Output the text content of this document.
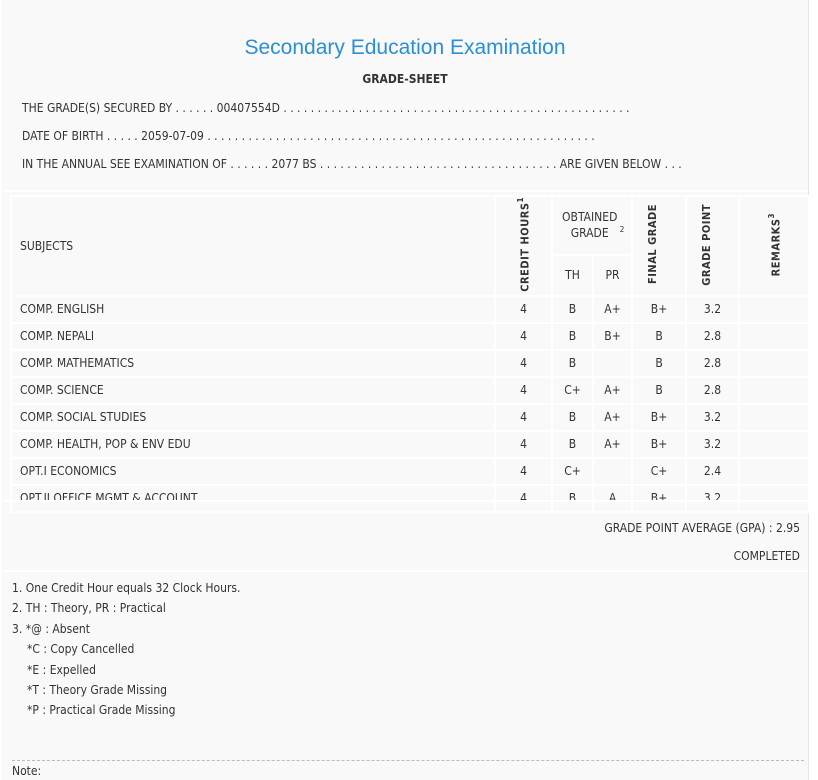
Secondary Education Examination
GRADE-SHEET
THE GRADE(S) SECURED BY . . . . . . 00407554D . . . . . . . . . . . . . . . . . . . . . . . . . . . . . . . . . . . . . . . . . . . . . . . . . . .
DATE OF BIRTH . . . . . 2059-07-09 . . . . . . . . . . . . . . . . . . . . . . . . . . . . . . . . . . . . . . . . . . . . . . . . . . . . . . . . .
IN THE ANNUAL SEE EXAMINATION OF . . . . . . 2077 BS . . . . . . . . . . . . . . . . . . . . . . . . . . . . . . . . . . . ARE GIVEN BELOW . . .
SUBJECTS	CREDIT HOURS$^1$	OBTAINED GRADE $^2$		FINAL GRADE	GRADE POINT	REMARKS$^3$
		TH	PR			
COMP. ENGLISH	4	B	A+	B+	3.2	
COMP. NEPALI	4	B	B+	B	2.8	
COMP. MATHEMATICS	4	B		B	2.8	
COMP. SCIENCE	4	C+	A+	B	2.8	
COMP. SOCIAL STUDIES	4	B	A+	B+	3.2	
COMP. HEALTH, POP & ENV EDU	4	B	A+	B+	3.2	
OPT.I ECONOMICS	4	C+		C+	2.4	
OPT.II OFFICE MGMT & ACCOUNT	4	B	A	B+	3.2	
GRADE POINT AVERAGE (GPA) : 2.95
COMPLETED
1. One Credit Hour equals 32 Clock Hours.
2. TH : Theory, PR : Practical
3. *@ : Absent
*C : Copy Cancelled
*E : Expelled
*T : Theory Grade Missing
*P : Practical Grade Missing
Note:
